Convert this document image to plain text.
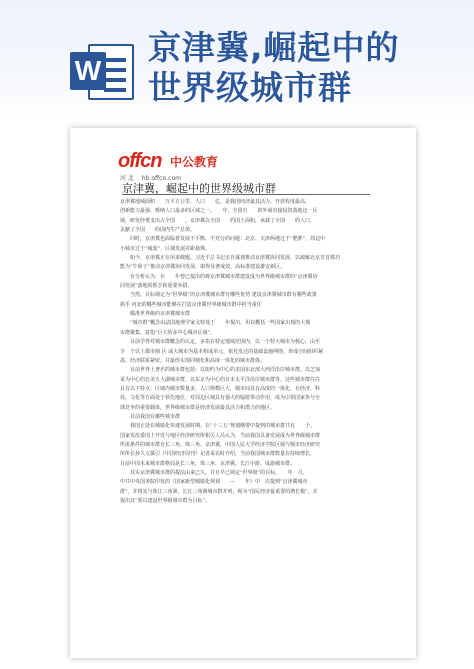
W
京津冀,崛起中的
世界级城市群
offcn 中公教育
河 北 hb.offcn.com
京津冀，崛起中的世界级城市群

京津冀地域面积　　万平方公里，人口　　亿，是我国经济最具活力、开放程度最高、

创新能力最强、吸纳人口最多的区域之一。　　年，全国有　　的外商直接投资落地这一区

域，研发经费支出占全国　　。京津冀以全国　　的国土面积，承载了全国　　的人口，

贡献了全国　　的国内生产总值。

　　同时，京津冀也面临着发展不平衡、不充分的问题：北京、天津两地过于“肥胖”，周边中

小城市过于“瘦弱”，区域发展差距悬殊。

　　如今，京津冀正在用来破题。习近平总书记亲自谋划推动京津冀协同发展，以疏解北京非首都功

能为“牛鼻子”推动京津冀协同发展，取得显著成效，高标准建设雄安新区。

　　有分析认为，在　　年曾已提出的将京津冀城市群建设成为世界级城市群的“京津冀协

同发展”落地的抓手和重要举措。

　　当然，目标锁定为“世界级”的京津冀城市群有哪些优势 建设京津冀城市群有哪些政策

抓手 河北的哪些城市能够在打造京津冀世界级城市群中担当重任

　　瞄准世界级的京津冀城市群

　　“城市群”概念由法国地理学家戈特曼于　　年提出，用以概括一些国家出现的大城

市群聚集，意指“巨大的多中心城市区域”。

　　目前学界对城市群概念的认定，多指在特定地域范围内，以一个特大城市为核心，由至

少　个以上都市圈 区 或大城市为基本构成单元，依托发达的基础设施网络，形成空间组织紧

凑、经济联系紧密、并最终实现同城化和高度一体化的城市群体。

　　目前世界上著名的城市群包括：以纽约为中心的美国东北部大西洋沿岸城市群，以芝加

哥为中心的北美五大湖城市群，以东京为中心的日本太平洋沿岸城市群等。这些城市群往往

具有以下特点：区域内城市数量多，人口规模巨大，城市间具有高度的一体化，在经济、科

技、文化等方面处于领先地位，对周边区域具有强大的辐射带动作用，成为引领国家参与全

球竞争的重要载体，世界级城市群是经济发展最具活力和潜力的地区。

　　目前我国有哪些城市群

　　我国正处在城镇化快速发展时期。在“十三五”规划纲要中提到的城市群共有　　个。

国家发改委国土开发与地区经济研究所相关人员认为，当前我国具备发展成为世界级城市群

所需条件的城市群有长三角、珠三角、京津冀，中国人民大学经济学院区域与城市经济研究

所所长孙久文援引《中国经济周刊》记者采访时介绍，当前我国城市群数量在持续增长，

目前中国未来城市群格局是长三角、珠三角、京津冀、长江中游、成渝城市群。

　　其实京津冀城市群的提法由来已久，并且早已锁定“世界级”的目标。　　年　月，

中共中央国务院印发的《国家新型城镇化规划　　—　　年》中　次提到“京津冀城市

群”，并将其与珠江三角洲、长江三角洲城市群并列，视为“国民经济最重要的增长极”，并

提出其“要以建设世界级城市群为目标”。
